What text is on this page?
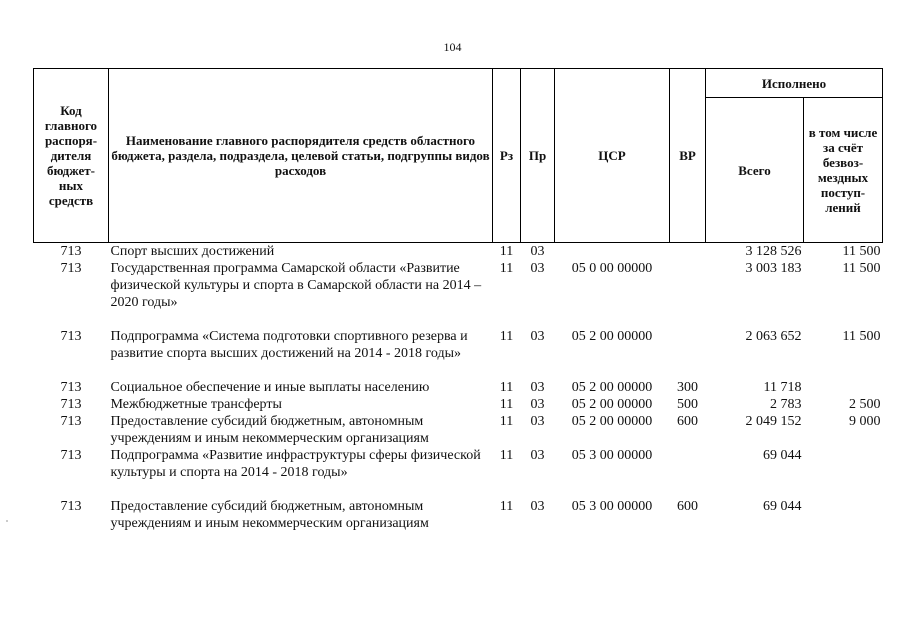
104
Код главного распоря-дителя бюджет-ных средств	Наименование главного распорядителя средств областного бюджета, раздела, подраздела, целевой статьи, подгруппы видов расходов	Рз	Пр	ЦСР	ВР	Исполнено	
						Всего	в том числе за счёт безвоз-мездных поступ-лений
713	Спорт высших достижений	11	03			3 128 526	11 500
713	Государственная программа Самарской области «Развитие физической культуры и спорта в Самарской области на 2014 – 2020 годы»	11	03	05 0 00 00000		3 003 183	11 500
713	Подпрограмма «Система подготовки спортивного резерва и развитие спорта высших достижений на 2014 - 2018 годы»	11	03	05 2 00 00000		2 063 652	11 500
713	Социальное обеспечение и иные выплаты населению	11	03	05 2 00 00000	300	11 718	
713	Межбюджетные трансферты	11	03	05 2 00 00000	500	2 783	2 500
713	Предоставление субсидий бюджетным, автономным учреждениям и иным некоммерческим организациям	11	03	05 2 00 00000	600	2 049 152	9 000
713	Подпрограмма «Развитие инфраструктуры сферы физической культуры и спорта на 2014 - 2018 годы»	11	03	05 3 00 00000		69 044	
713	Предоставление субсидий бюджетным, автономным учреждениям и иным некоммерческим организациям	11	03	05 3 00 00000	600	69 044	
